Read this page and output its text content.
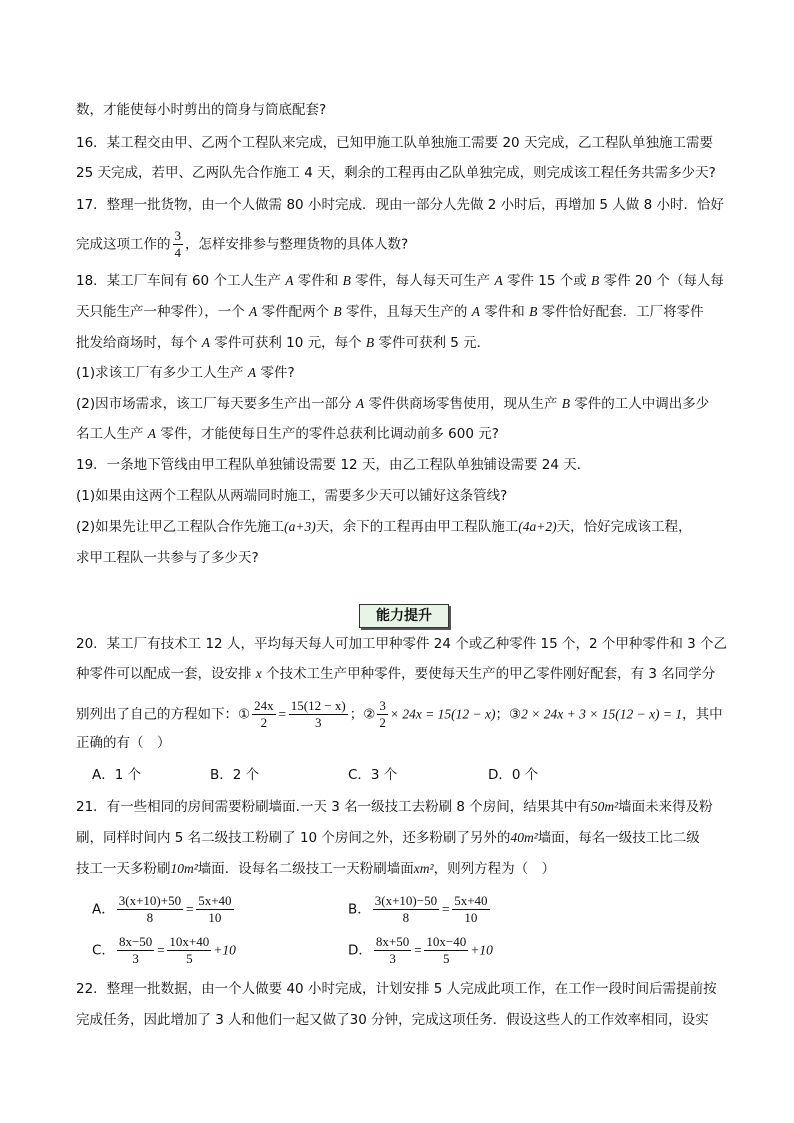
数，才能使每小时剪出的筒身与筒底配套?
16．某工程交由甲、乙两个工程队来完成，已知甲施工队单独施工需要 20 天完成，乙工程队单独施工需要
25 天完成，若甲、乙两队先合作施工 4 天，剩余的工程再由乙队单独完成，则完成该工程任务共需多少天?
17．整理一批货物，由一个人做需 80 小时完成．现由一部分人先做 2 小时后，再增加 5 人做 8 小时．恰好
完成这项工作的 $\frac{3}{4}$ ，怎样安排参与整理货物的具体人数?
18．某工厂车间有 60 个工人生产 A 零件和 B 零件，每人每天可生产 A 零件 15 个或 B 零件 20 个（每人每
天只能生产一种零件），一个 A 零件配两个 B 零件，且每天生产的 A 零件和 B 零件恰好配套．工厂将零件
批发给商场时，每个 A 零件可获利 10 元，每个 B 零件可获利 5 元．
(1)求该工厂有多少工人生产 A 零件?
(2)因市场需求，该工厂每天要多生产出一部分 A 零件供商场零售使用，现从生产 B 零件的工人中调出多少
名工人生产 A 零件，才能使每日生产的零件总获利比调动前多 600 元?
19．一条地下管线由甲工程队单独铺设需要 12 天，由乙工程队单独铺设需要 24 天．
(1)如果由这两个工程队从两端同时施工，需要多少天可以铺好这条管线?
(2)如果先让甲乙工程队合作先施工(a+3)天，余下的工程再由甲工程队施工(4a+2)天，恰好完成该工程，
求甲工程队一共参与了多少天?
能力提升
20．某工厂有技术工 12 人，平均每天每人可加工甲种零件 24 个或乙种零件 15 个，2 个甲种零件和 3 个乙
种零件可以配成一套，设安排 x 个技术工生产甲种零件，要使每天生产的甲乙零件刚好配套，有 3 名同学分
别列出了自己的方程如下：① $\frac{24x}{2} = \frac{15(12 - x)}{3}$ ；② $\frac{3}{2} \times 24x = 15(12 - x)$；③2 × 24x + 3 × 15(12 − x) = 1，其中
正确的有（　）
A．1 个	B．2 个	C．3 个	D．0 个
21．有一些相同的房间需要粉刷墙面.一天 3 名一级技工去粉刷 8 个房间，结果其中有50m²墙面未来得及粉
刷，同样时间内 5 名二级技工粉刷了 10 个房间之外，还多粉刷了另外的40m²墙面，每名一级技工比二级
技工一天多粉刷10m²墙面．设每名二级技工一天粉刷墙面xm²，则列方程为（　）
A． $\frac{3(x+10)+50}{8} = \frac{5x+40}{10}$	B． $\frac{3(x+10)-50}{8} = \frac{5x+40}{10}$
C． $\frac{8x-50}{3} = \frac{10x+40}{5} +10$	D． $\frac{8x+50}{3} = \frac{10x-40}{5} +10$
22．整理一批数据，由一个人做要 40 小时完成，计划安排 5 人完成此项工作，在工作一段时间后需提前按
完成任务，因此增加了 3 人和他们一起又做了30 分钟，完成这项任务．假设这些人的工作效率相同，设实
